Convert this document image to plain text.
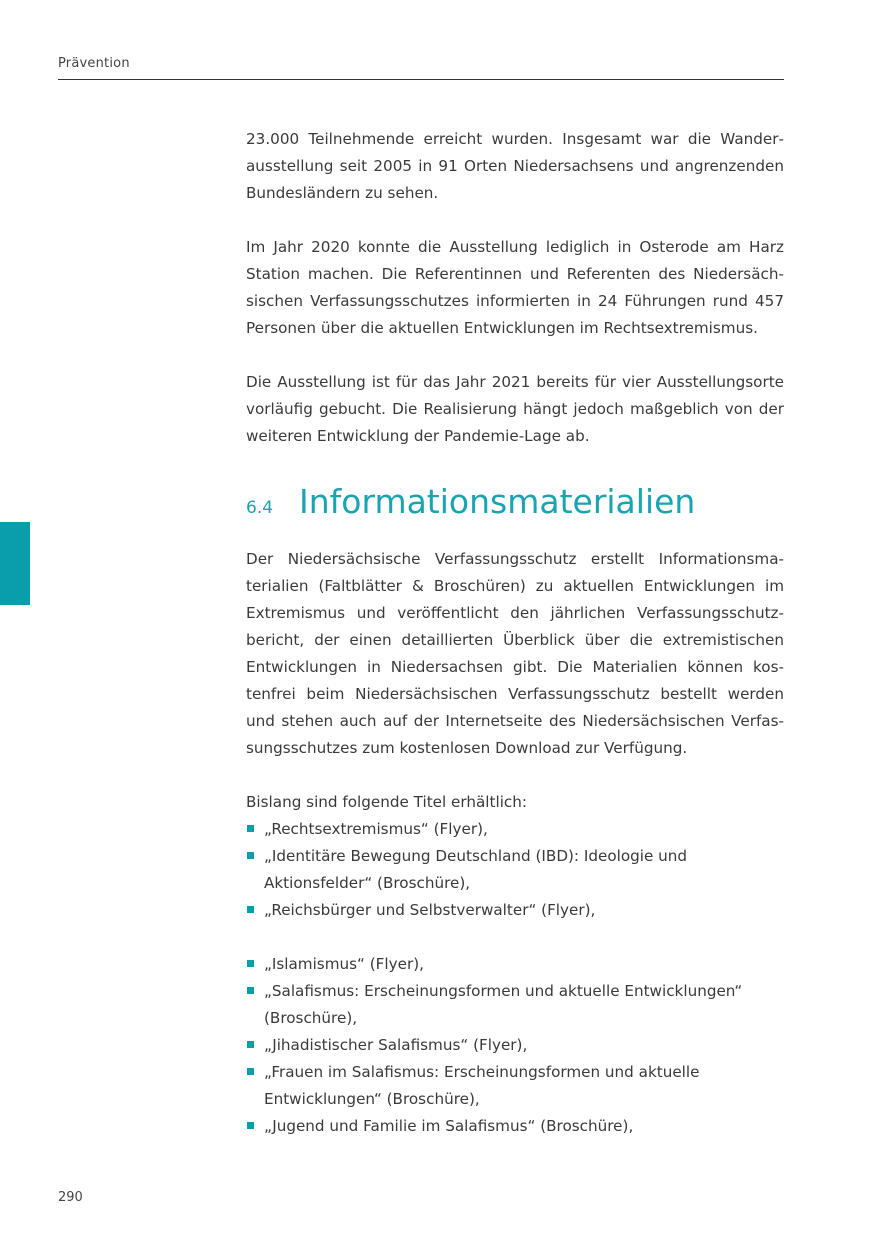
Prävention

23.000 Teilnehmende erreicht wurden. Insgesamt war die Wanderausstellung seit 2005 in 91 Orten Niedersachsens und angrenzenden Bundesländern zu sehen.

Im Jahr 2020 konnte die Ausstellung lediglich in Osterode am Harz Station machen. Die Referentinnen und Referenten des Niedersächsischen Verfassungsschutzes informierten in 24 Führungen rund 457 Personen über die aktuellen Entwicklungen im Rechtsextremismus.

Die Ausstellung ist für das Jahr 2021 bereits für vier Ausstellungsorte vorläufig gebucht. Die Realisierung hängt jedoch maßgeblich von der weiteren Entwicklung der Pandemie-Lage ab.

6.4 Informationsmaterialien

Der Niedersächsische Verfassungsschutz erstellt Informationsmaterialien (Faltblätter & Broschüren) zu aktuellen Entwicklungen im Extremismus und veröffentlicht den jährlichen Verfassungsschutzbericht, der einen detaillierten Überblick über die extremistischen Entwicklungen in Niedersachsen gibt. Die Materialien können kostenfrei beim Niedersächsischen Verfassungsschutz bestellt werden und stehen auch auf der Internetseite des Niedersächsischen Verfassungsschutzes zum kostenlosen Download zur Verfügung.

Bislang sind folgende Titel erhältlich:

„Rechtsextremismus“ (Flyer),
„Identitäre Bewegung Deutschland (IBD): Ideologie und Aktionsfelder“ (Broschüre),
„Reichsbürger und Selbstverwalter“ (Flyer),
„Islamismus“ (Flyer),
„Salafismus: Erscheinungsformen und aktuelle Entwicklungen“ (Broschüre),
„Jihadistischer Salafismus“ (Flyer),
„Frauen im Salafismus: Erscheinungsformen und aktuelle Entwicklungen“ (Broschüre),
„Jugend und Familie im Salafismus“ (Broschüre),
290
